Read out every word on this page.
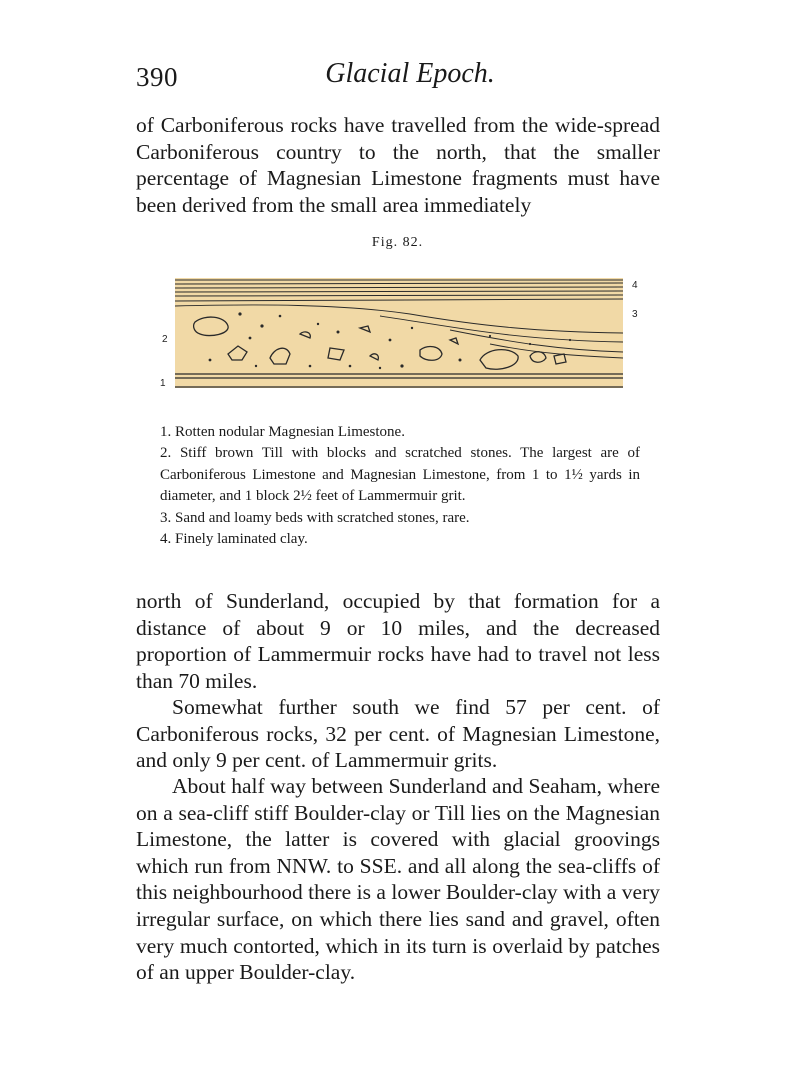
390	Glacial Epoch.

of Carboniferous rocks have travelled from the wide-spread Carboniferous country to the north, that the smaller percentage of Magnesian Limestone fragments must have been derived from the small area immediately

Fig. 82.
4
3
2
1

1. Rotten nodular Magnesian Limestone.

2. Stiff brown Till with blocks and scratched stones. The largest are of Carboniferous Limestone and Magnesian Limestone, from 1 to 1½ yards in diameter, and 1 block 2½ feet of Lammermuir grit.

3. Sand and loamy beds with scratched stones, rare.

4. Finely laminated clay.

north of Sunderland, occupied by that formation for a distance of about 9 or 10 miles, and the decreased proportion of Lammermuir rocks have had to travel not less than 70 miles.

Somewhat further south we find 57 per cent. of Carboniferous rocks, 32 per cent. of Magnesian Limestone, and only 9 per cent. of Lammermuir grits.

About half way between Sunderland and Seaham, where on a sea-cliff stiff Boulder-clay or Till lies on the Magnesian Limestone, the latter is covered with glacial groovings which run from NNW. to SSE. and all along the sea-cliffs of this neighbourhood there is a lower Boulder-clay with a very irregular surface, on which there lies sand and gravel, often very much contorted, which in its turn is overlaid by patches of an upper Boulder-clay.
